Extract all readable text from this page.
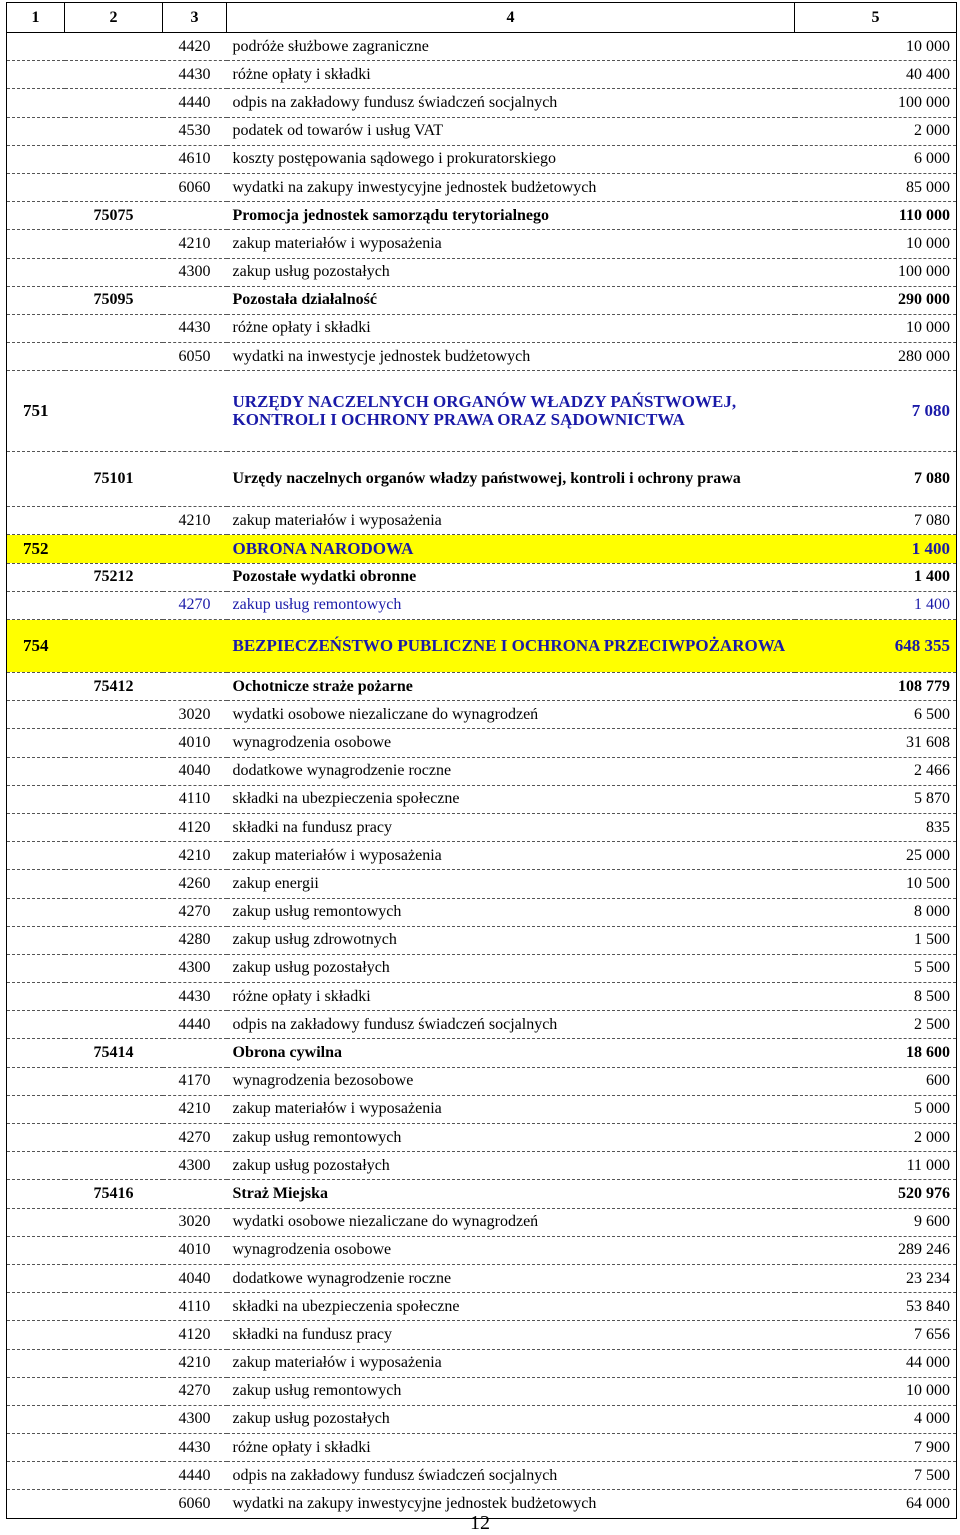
1	2	3	4	5
		4420	podróże służbowe zagraniczne	10 000
		4430	różne opłaty i składki	40 400
		4440	odpis na zakładowy fundusz świadczeń socjalnych	100 000
		4530	podatek od towarów i usług VAT	2 000
		4610	koszty postępowania sądowego i prokuratorskiego	6 000
		6060	wydatki na zakupy inwestycyjne jednostek budżetowych	85 000
	75075		Promocja jednostek samorządu terytorialnego	110 000
		4210	zakup materiałów i wyposażenia	10 000
		4300	zakup usług pozostałych	100 000
	75095		Pozostała działalność	290 000
		4430	różne opłaty i składki	10 000
		6050	wydatki na inwestycje jednostek budżetowych	280 000
751			URZĘDY NACZELNYCH ORGANÓW WŁADZY PAŃSTWOWEJ, KONTROLI I OCHRONY PRAWA ORAZ SĄDOWNICTWA	7 080
	75101		Urzędy naczelnych organów władzy państwowej, kontroli i ochrony prawa	7 080
		4210	zakup materiałów i wyposażenia	7 080
752			OBRONA NARODOWA	1 400
	75212		Pozostałe wydatki obronne	1 400
		4270	zakup usług remontowych	1 400
754			BEZPIECZEŃSTWO PUBLICZNE I OCHRONA PRZECIWPOŻAROWA	648 355
	75412		Ochotnicze straże pożarne	108 779
		3020	wydatki osobowe niezaliczane do wynagrodzeń	6 500
		4010	wynagrodzenia osobowe	31 608
		4040	dodatkowe wynagrodzenie roczne	2 466
		4110	składki na ubezpieczenia społeczne	5 870
		4120	składki na fundusz pracy	835
		4210	zakup materiałów i wyposażenia	25 000
		4260	zakup energii	10 500
		4270	zakup usług remontowych	8 000
		4280	zakup usług zdrowotnych	1 500
		4300	zakup usług pozostałych	5 500
		4430	różne opłaty i składki	8 500
		4440	odpis na zakładowy fundusz świadczeń socjalnych	2 500
	75414		Obrona cywilna	18 600
		4170	wynagrodzenia bezosobowe	600
		4210	zakup materiałów i wyposażenia	5 000
		4270	zakup usług remontowych	2 000
		4300	zakup usług pozostałych	11 000
	75416		Straż Miejska	520 976
		3020	wydatki osobowe niezaliczane do wynagrodzeń	9 600
		4010	wynagrodzenia osobowe	289 246
		4040	dodatkowe wynagrodzenie roczne	23 234
		4110	składki na ubezpieczenia społeczne	53 840
		4120	składki na fundusz pracy	7 656
		4210	zakup materiałów i wyposażenia	44 000
		4270	zakup usług remontowych	10 000
		4300	zakup usług pozostałych	4 000
		4430	różne opłaty i składki	7 900
		4440	odpis na zakładowy fundusz świadczeń socjalnych	7 500
		6060	wydatki na zakupy inwestycyjne jednostek budżetowych	64 000
12
